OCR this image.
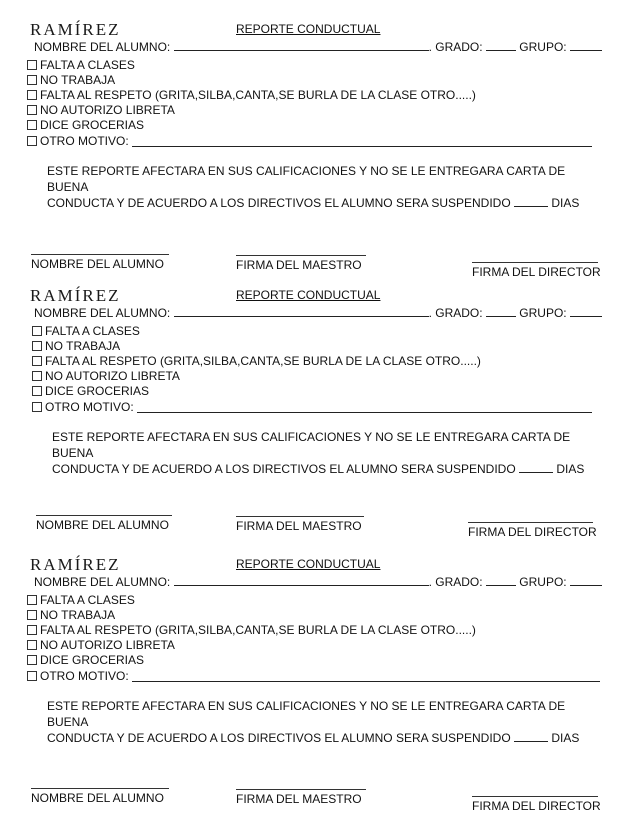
RAMÍREZ	REPORTE CONDUCTUAL
NOMBRE DEL ALUMNO:	. GRADO:	GRUPO:
FALTA A CLASES
NO TRABAJA
FALTA AL RESPETO (GRITA,SILBA,CANTA,SE BURLA DE LA CLASE OTRO.....)
NO AUTORIZO LIBRETA
DICE GROCERIAS
OTRO MOTIVO:
ESTE REPORTE AFECTARA EN SUS CALIFICACIONES Y NO SE LE ENTREGARA CARTA DE BUENA
CONDUCTA Y DE ACUERDO A LOS DIRECTIVOS EL ALUMNO SERA SUSPENDIDO	DIAS
NOMBRE DEL ALUMNO	FIRMA DEL MAESTRO	FIRMA DEL DIRECTOR
RAMÍREZ	REPORTE CONDUCTUAL
NOMBRE DEL ALUMNO:	. GRADO:	GRUPO:
FALTA A CLASES
NO TRABAJA
FALTA AL RESPETO (GRITA,SILBA,CANTA,SE BURLA DE LA CLASE OTRO.....)
NO AUTORIZO LIBRETA
DICE GROCERIAS
OTRO MOTIVO:
ESTE REPORTE AFECTARA EN SUS CALIFICACIONES Y NO SE LE ENTREGARA CARTA DE BUENA
CONDUCTA Y DE ACUERDO A LOS DIRECTIVOS EL ALUMNO SERA SUSPENDIDO	DIAS
NOMBRE DEL ALUMNO	FIRMA DEL MAESTRO	FIRMA DEL DIRECTOR
RAMÍREZ	REPORTE CONDUCTUAL
NOMBRE DEL ALUMNO:	. GRADO:	GRUPO:
FALTA A CLASES
NO TRABAJA
FALTA AL RESPETO (GRITA,SILBA,CANTA,SE BURLA DE LA CLASE OTRO.....)
NO AUTORIZO LIBRETA
DICE GROCERIAS
OTRO MOTIVO:
ESTE REPORTE AFECTARA EN SUS CALIFICACIONES Y NO SE LE ENTREGARA CARTA DE BUENA
CONDUCTA Y DE ACUERDO A LOS DIRECTIVOS EL ALUMNO SERA SUSPENDIDO	DIAS
NOMBRE DEL ALUMNO	FIRMA DEL MAESTRO	FIRMA DEL DIRECTOR
